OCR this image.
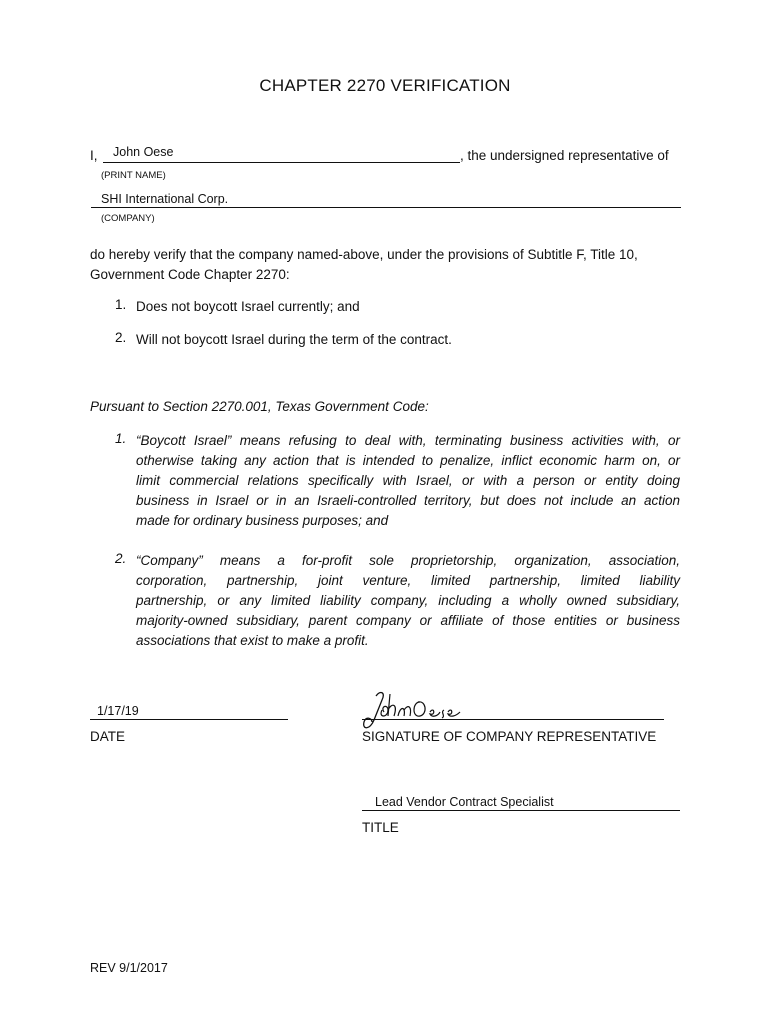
CHAPTER 2270 VERIFICATION
I, John Oese	, the undersigned representative of
(PRINT NAME)
SHI International Corp.
(COMPANY)
do hereby verify that the company named-above, under the provisions of Subtitle F, Title 10,
Government Code Chapter 2270:
1. Does not boycott Israel currently; and
2. Will not boycott Israel during the term of the contract.
Pursuant to Section 2270.001, Texas Government Code:
1. “Boycott Israel” means refusing to deal with, terminating business activities with, or
otherwise taking any action that is intended to penalize, inflict economic harm on, or
limit commercial relations specifically with Israel, or with a person or entity doing
business in Israel or in an Israeli-controlled territory, but does not include an action
made for ordinary business purposes; and
2. “Company” means a for-profit sole proprietorship, organization, association,
corporation, partnership, joint venture, limited partnership, limited liability
partnership, or any limited liability company, including a wholly owned subsidiary,
majority-owned subsidiary, parent company or affiliate of those entities or business
associations that exist to make a profit.
1/17/19
DATE	SIGNATURE OF COMPANY REPRESENTATIVE
Lead Vendor Contract Specialist
TITLE
REV 9/1/2017
